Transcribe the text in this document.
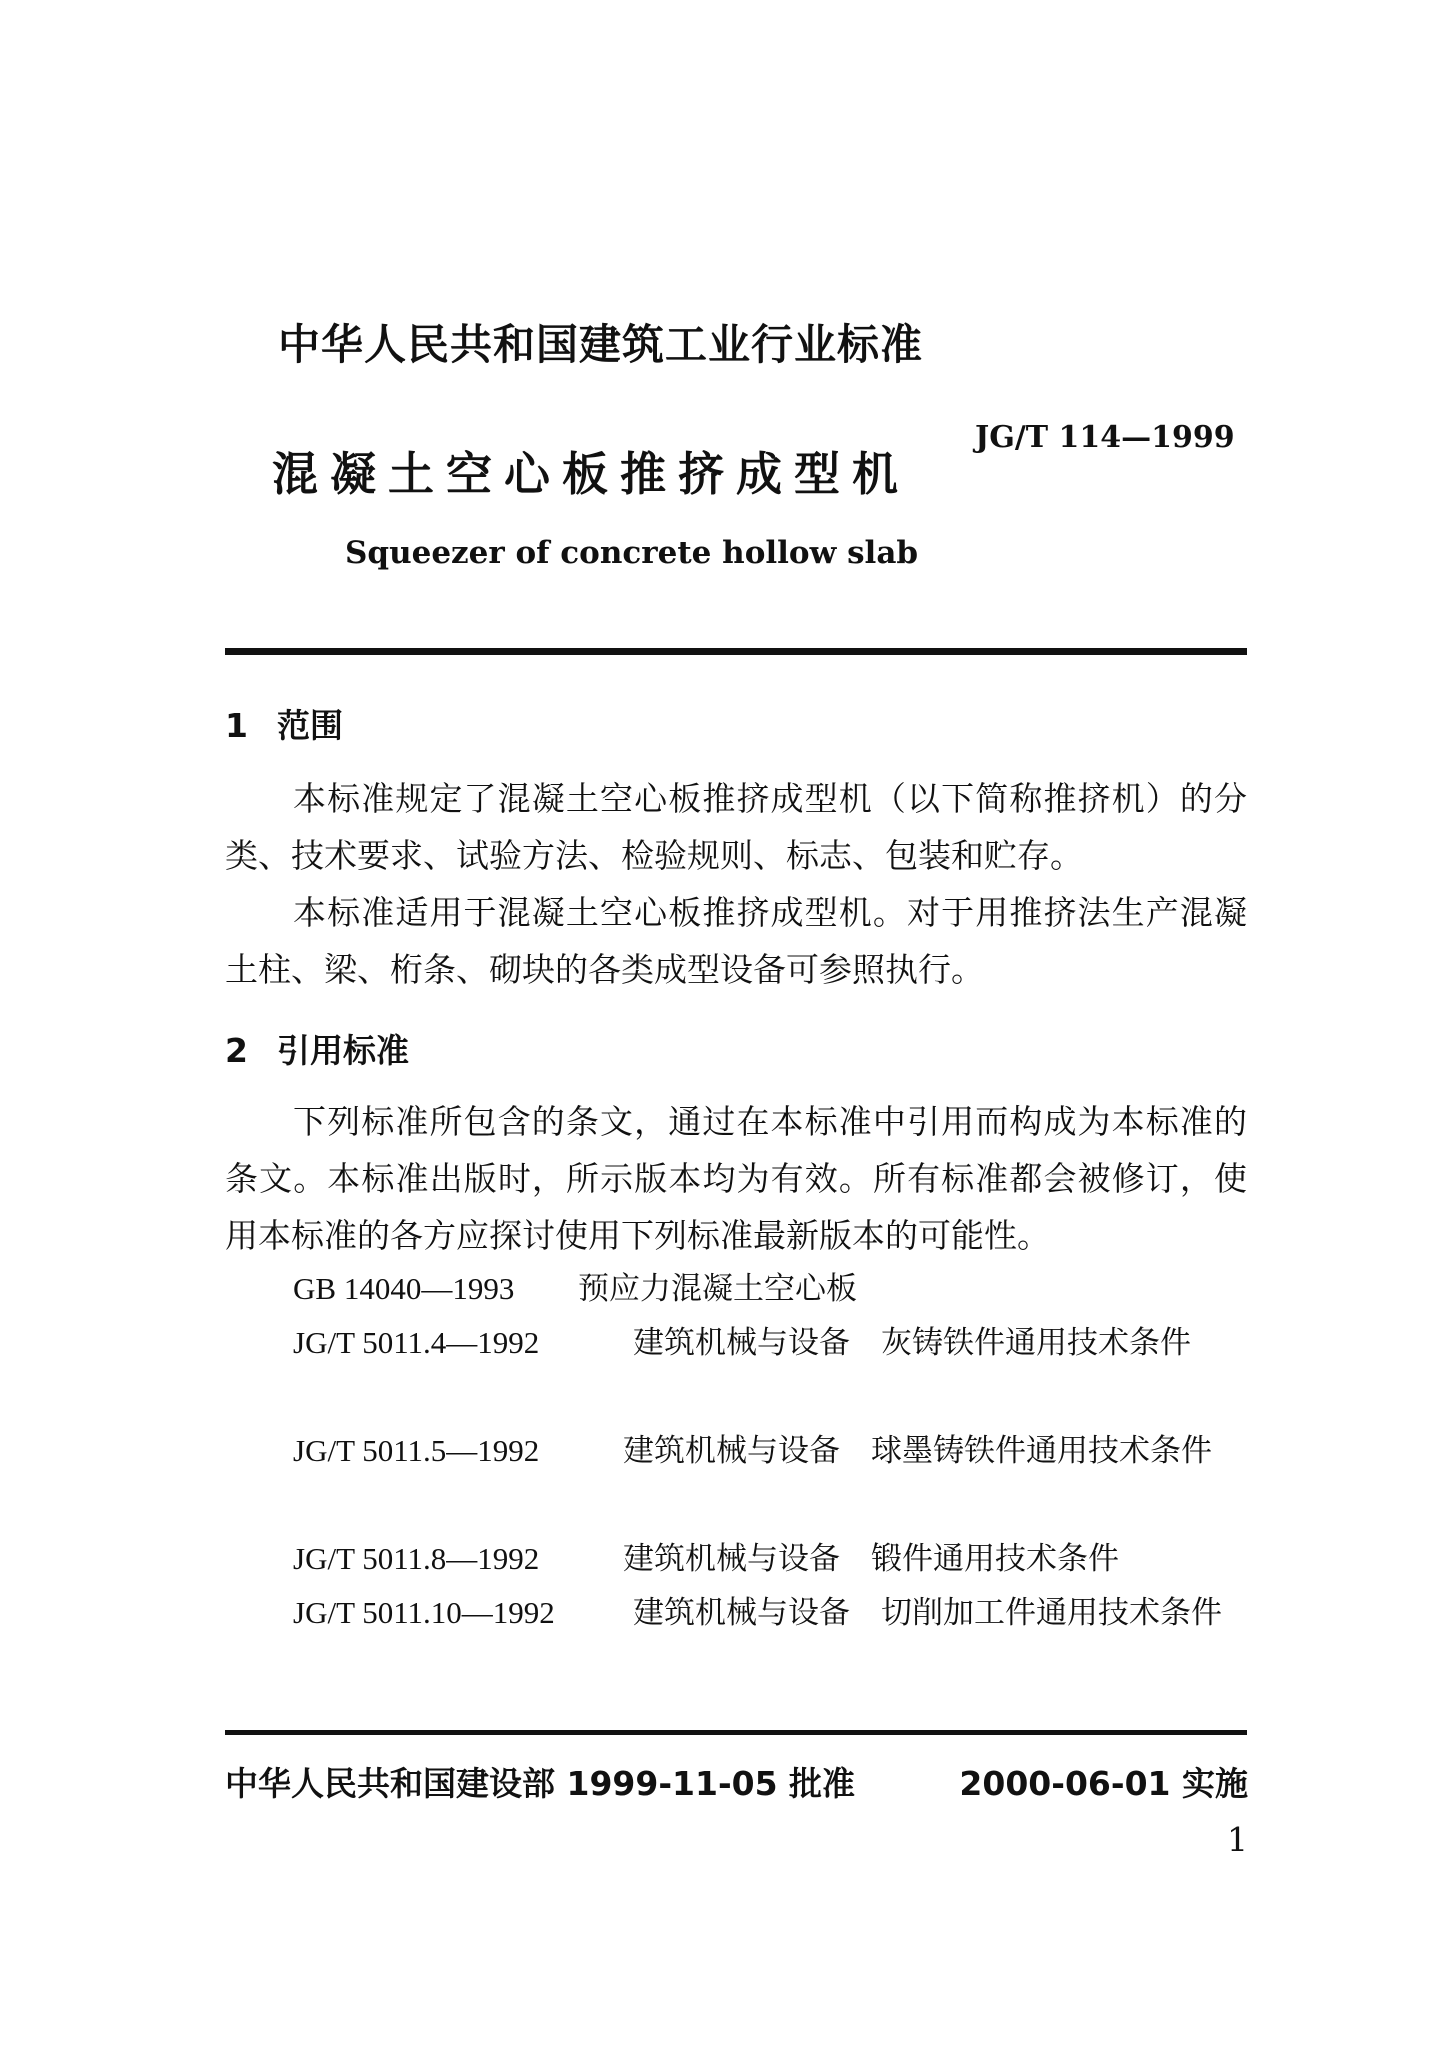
中华人民共和国建筑工业行业标准
混凝土空心板推挤成型机
JG/T 114—1999
Squeezer of concrete hollow slab
1 范围
本标准规定了混凝土空心板推挤成型机（以下简称推挤机）的分类、技术要求、试验方法、检验规则、标志、包装和贮存。
本标准适用于混凝土空心板推挤成型机。对于用推挤法生产混凝土柱、梁、桁条、砌块的各类成型设备可参照执行。
2 引用标准
下列标准所包含的条文，通过在本标准中引用而构成为本标准的条文。本标准出版时，所示版本均为有效。所有标准都会被修订，使用本标准的各方应探讨使用下列标准最新版本的可能性。
GB 14040—1993 预应力混凝土空心板
JG/T 5011.4—1992	建筑机械与设备　灰铸铁件通用技术条件
JG/T 5011.5—1992	建筑机械与设备　球墨铸铁件通用技术条件
JG/T 5011.8—1992	建筑机械与设备　锻件通用技术条件
JG/T 5011.10—1992	建筑机械与设备　切削加工件通用技术条件
中华人民共和国建设部 1999-11-05 批准	2000-06-01 实施
1
